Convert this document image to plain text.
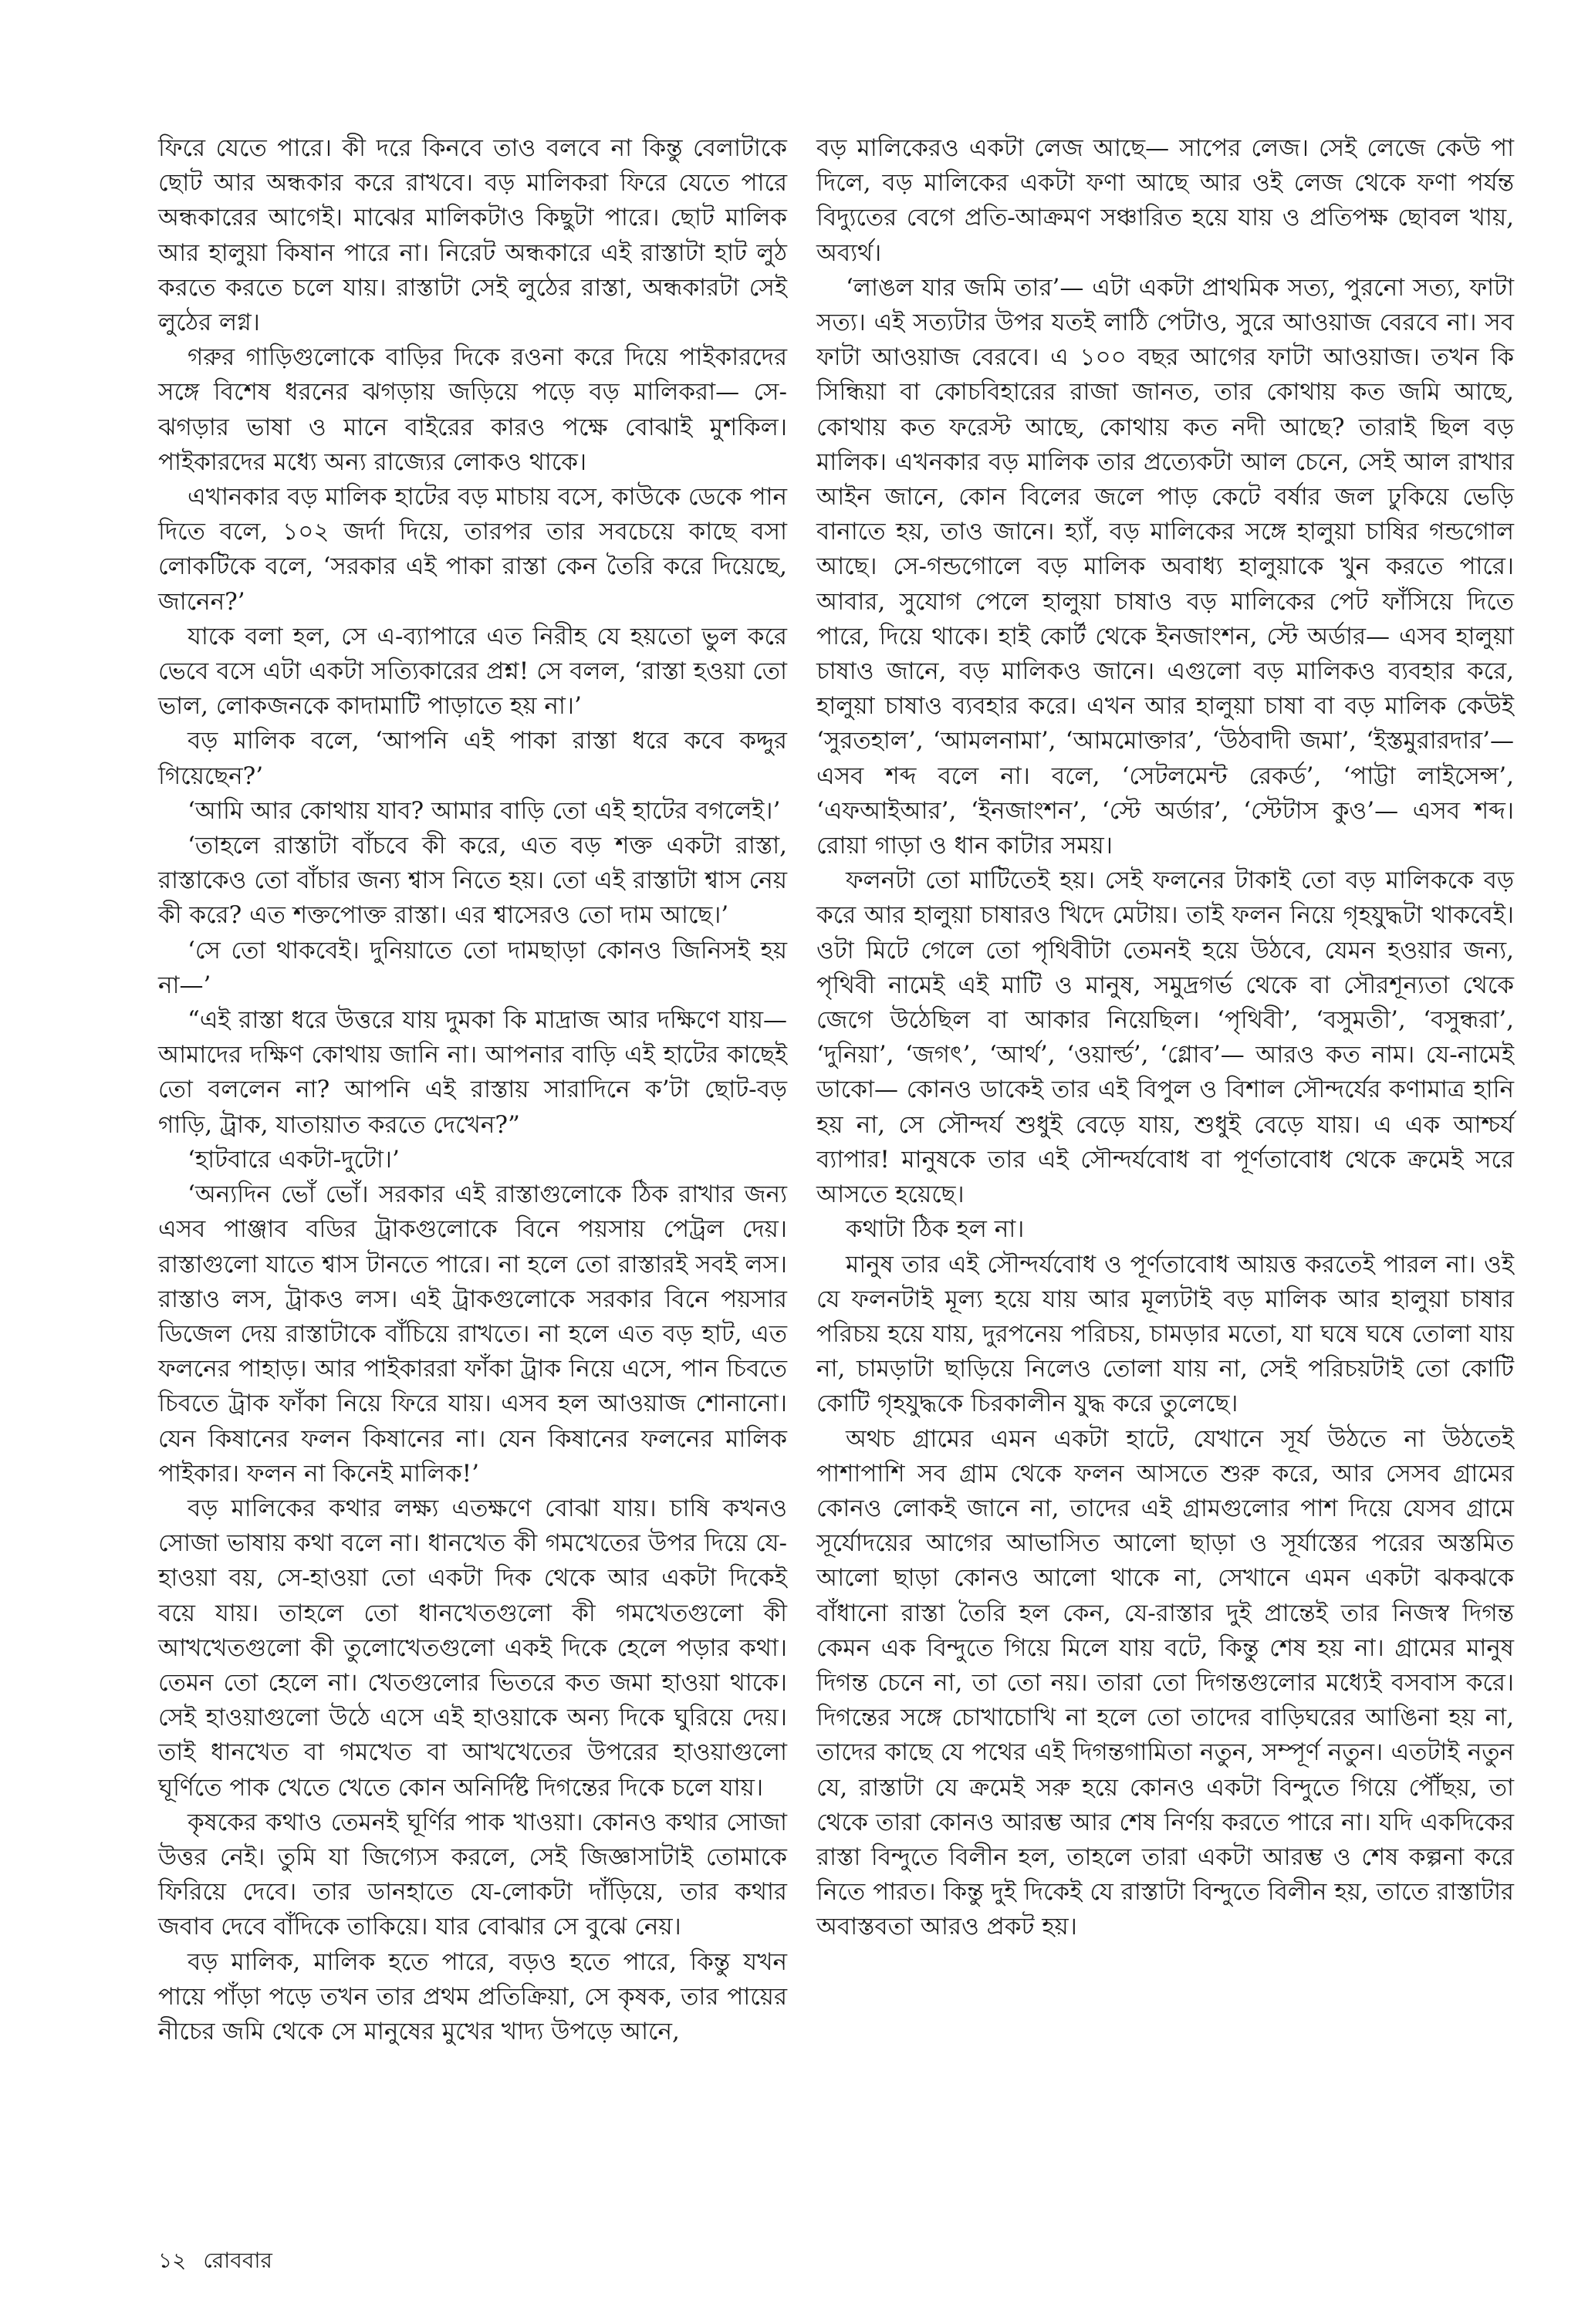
ফিরে যেতে পারে। কী দরে কিনবে তাও বলবে না কিন্তু বেলাটাকে ছোট আর অন্ধকার করে রাখবে। বড় মালিকরা ফিরে যেতে পারে অন্ধকারের আগেই। মাঝের মালিকটাও কিছুটা পারে। ছোট মালিক আর হালুয়া কিষান পারে না। নিরেট অন্ধকারে এই রাস্তাটা হাট লুঠ করতে করতে চলে যায়। রাস্তাটা সেই লুঠের রাস্তা, অন্ধকারটা সেই লুঠের লগ্ন।

গরুর গাড়িগুলোকে বাড়ির দিকে রওনা করে দিয়ে পাইকারদের সঙ্গে বিশেষ ধরনের ঝগড়ায় জড়িয়ে পড়ে বড় মালিকরা— সে-ঝগড়ার ভাষা ও মানে বাইরের কারও পক্ষে বোঝাই মুশকিল। পাইকারদের মধ্যে অন্য রাজ্যের লোকও থাকে।

এখানকার বড় মালিক হাটের বড় মাচায় বসে, কাউকে ডেকে পান দিতে বলে, ১০২ জর্দা দিয়ে, তারপর তার সবচেয়ে কাছে বসা লোকটিকে বলে, ‘সরকার এই পাকা রাস্তা কেন তৈরি করে দিয়েছে, জানেন?’

যাকে বলা হল, সে এ-ব্যাপারে এত নিরীহ যে হয়তো ভুল করে ভেবে বসে এটা একটা সত্যিকারের প্রশ্ন! সে বলল, ‘রাস্তা হওয়া তো ভাল, লোকজনকে কাদামাটি পাড়াতে হয় না।’

বড় মালিক বলে, ‘আপনি এই পাকা রাস্তা ধরে কবে কদ্দুর গিয়েছেন?’

‘আমি আর কোথায় যাব? আমার বাড়ি তো এই হাটের বগলেই।’

‘তাহলে রাস্তাটা বাঁচবে কী করে, এত বড় শক্ত একটা রাস্তা, রাস্তাকেও তো বাঁচার জন্য শ্বাস নিতে হয়। তো এই রাস্তাটা শ্বাস নেয় কী করে? এত শক্তপোক্ত রাস্তা। এর শ্বাসেরও তো দাম আছে।’

‘সে তো থাকবেই। দুনিয়াতে তো দামছাড়া কোনও জিনিসই হয় না—’

“এই রাস্তা ধরে উত্তরে যায় দুমকা কি মাদ্রাজ আর দক্ষিণে যায়— আমাদের দক্ষিণ কোথায় জানি না। আপনার বাড়ি এই হাটের কাছেই তো বললেন না? আপনি এই রাস্তায় সারাদিনে ক’টা ছোট-বড় গাড়ি, ট্রাক, যাতায়াত করতে দেখেন?”

‘হাটবারে একটা-দুটো।’

‘অন্যদিন ভোঁ ভোঁ। সরকার এই রাস্তাগুলোকে ঠিক রাখার জন্য এসব পাঞ্জাব বডির ট্রাকগুলোকে বিনে পয়সায় পেট্রল দেয়। রাস্তাগুলো যাতে শ্বাস টানতে পারে। না হলে তো রাস্তারই সবই লস। রাস্তাও লস, ট্রাকও লস। এই ট্রাকগুলোকে সরকার বিনে পয়সার ডিজেল দেয় রাস্তাটাকে বাঁচিয়ে রাখতে। না হলে এত বড় হাট, এত ফলনের পাহাড়। আর পাইকাররা ফাঁকা ট্রাক নিয়ে এসে, পান চিবতে চিবতে ট্রাক ফাঁকা নিয়ে ফিরে যায়। এসব হল আওয়াজ শোনানো। যেন কিষানের ফলন কিষানের না। যেন কিষানের ফলনের মালিক পাইকার। ফলন না কিনেই মালিক!’

বড় মালিকের কথার লক্ষ্য এতক্ষণে বোঝা যায়। চাষি কখনও সোজা ভাষায় কথা বলে না। ধানখেত কী গমখেতের উপর দিয়ে যে-হাওয়া বয়, সে-হাওয়া তো একটা দিক থেকে আর একটা দিকেই বয়ে যায়। তাহলে তো ধানখেতগুলো কী গমখেতগুলো কী আখখেতগুলো কী তুলোখেতগুলো একই দিকে হেলে পড়ার কথা। তেমন তো হেলে না। খেতগুলোর ভিতরে কত জমা হাওয়া থাকে। সেই হাওয়াগুলো উঠে এসে এই হাওয়াকে অন্য দিকে ঘুরিয়ে দেয়। তাই ধানখেত বা গমখেত বা আখখেতের উপরের হাওয়াগুলো ঘূর্ণিতে পাক খেতে খেতে কোন অনির্দিষ্ট দিগন্তের দিকে চলে যায়।

কৃষকের কথাও তেমনই ঘূর্ণির পাক খাওয়া। কোনও কথার সোজা উত্তর নেই। তুমি যা জিগ্যেস করলে, সেই জিজ্ঞাসাটাই তোমাকে ফিরিয়ে দেবে। তার ডানহাতে যে-লোকটা দাঁড়িয়ে, তার কথার জবাব দেবে বাঁদিকে তাকিয়ে। যার বোঝার সে বুঝে নেয়।

বড় মালিক, মালিক হতে পারে, বড়ও হতে পারে, কিন্তু যখন পায়ে পাঁড়া পড়ে তখন তার প্রথম প্রতিক্রিয়া, সে কৃষক, তার পায়ের নীচের জমি থেকে সে মানুষের মুখের খাদ্য উপড়ে আনে,

বড় মালিকেরও একটা লেজ আছে— সাপের লেজ। সেই লেজে কেউ পা দিলে, বড় মালিকের একটা ফণা আছে আর ওই লেজ থেকে ফণা পর্যন্ত বিদ্যুতের বেগে প্রতি-আক্রমণ সঞ্চারিত হয়ে যায় ও প্রতিপক্ষ ছোবল খায়, অব্যর্থ।

‘লাঙল যার জমি তার’— এটা একটা প্রাথমিক সত্য, পুরনো সত্য, ফাটা সত্য। এই সত্যটার উপর যতই লাঠি পেটাও, সুরে আওয়াজ বেরবে না। সব ফাটা আওয়াজ বেরবে। এ ১০০ বছর আগের ফাটা আওয়াজ। তখন কি সিন্ধিয়া বা কোচবিহারের রাজা জানত, তার কোথায় কত জমি আছে, কোথায় কত ফরেস্ট আছে, কোথায় কত নদী আছে? তারাই ছিল বড় মালিক। এখনকার বড় মালিক তার প্রত্যেকটা আল চেনে, সেই আল রাখার আইন জানে, কোন বিলের জলে পাড় কেটে বর্ষার জল ঢুকিয়ে ভেড়ি বানাতে হয়, তাও জানে। হ্যাঁ, বড় মালিকের সঙ্গে হালুয়া চাষির গন্ডগোল আছে। সে-গন্ডগোলে বড় মালিক অবাধ্য হালুয়াকে খুন করতে পারে। আবার, সুযোগ পেলে হালুয়া চাষাও বড় মালিকের পেট ফাঁসিয়ে দিতে পারে, দিয়ে থাকে। হাই কোর্ট থেকে ইনজাংশন, স্টে অর্ডার— এসব হালুয়া চাষাও জানে, বড় মালিকও জানে। এগুলো বড় মালিকও ব্যবহার করে, হালুয়া চাষাও ব্যবহার করে। এখন আর হালুয়া চাষা বা বড় মালিক কেউই ‘সুরতহাল’, ‘আমলনামা’, ‘আমমোক্তার’, ‘উঠবাদী জমা’, ‘ইস্তমুরারদার’— এসব শব্দ বলে না। বলে, ‘সেটলমেন্ট রেকর্ড’, ‘পাট্টা লাইসেন্স’, ‘এফআইআর’, ‘ইনজাংশন’, ‘স্টে অর্ডার’, ‘স্টেটাস কুও’— এসব শব্দ। রোয়া গাড়া ও ধান কাটার সময়।

ফলনটা তো মাটিতেই হয়। সেই ফলনের টাকাই তো বড় মালিককে বড় করে আর হালুয়া চাষারও খিদে মেটায়। তাই ফলন নিয়ে গৃহযুদ্ধটা থাকবেই। ওটা মিটে গেলে তো পৃথিবীটা তেমনই হয়ে উঠবে, যেমন হওয়ার জন্য, পৃথিবী নামেই এই মাটি ও মানুষ, সমুদ্রগর্ভ থেকে বা সৌরশূন্যতা থেকে জেগে উঠেছিল বা আকার নিয়েছিল। ‘পৃথিবী’, ‘বসুমতী’, ‘বসুন্ধরা’, ‘দুনিয়া’, ‘জগৎ’, ‘আর্থ’, ‘ওয়ার্ল্ড’, ‘গ্লোব’— আরও কত নাম। যে-নামেই ডাকো— কোনও ডাকেই তার এই বিপুল ও বিশাল সৌন্দর্যের কণামাত্র হানি হয় না, সে সৌন্দর্য শুধুই বেড়ে যায়, শুধুই বেড়ে যায়। এ এক আশ্চর্য ব্যাপার! মানুষকে তার এই সৌন্দর্যবোধ বা পূর্ণতাবোধ থেকে ক্রমেই সরে আসতে হয়েছে।

কথাটা ঠিক হল না।

মানুষ তার এই সৌন্দর্যবোধ ও পূর্ণতাবোধ আয়ত্ত করতেই পারল না। ওই যে ফলনটাই মূল্য হয়ে যায় আর মূল্যটাই বড় মালিক আর হালুয়া চাষার পরিচয় হয়ে যায়, দুরপনেয় পরিচয়, চামড়ার মতো, যা ঘষে ঘষে তোলা যায় না, চামড়াটা ছাড়িয়ে নিলেও তোলা যায় না, সেই পরিচয়টাই তো কোটি কোটি গৃহযুদ্ধকে চিরকালীন যুদ্ধ করে তুলেছে।

অথচ গ্রামের এমন একটা হাটে, যেখানে সূর্য উঠতে না উঠতেই পাশাপাশি সব গ্রাম থেকে ফলন আসতে শুরু করে, আর সেসব গ্রামের কোনও লোকই জানে না, তাদের এই গ্রামগুলোর পাশ দিয়ে যেসব গ্রামে সূর্যোদয়ের আগের আভাসিত আলো ছাড়া ও সূর্যাস্তের পরের অস্তমিত আলো ছাড়া কোনও আলো থাকে না, সেখানে এমন একটা ঝকঝকে বাঁধানো রাস্তা তৈরি হল কেন, যে-রাস্তার দুই প্রান্তেই তার নিজস্ব দিগন্ত কেমন এক বিন্দুতে গিয়ে মিলে যায় বটে, কিন্তু শেষ হয় না। গ্রামের মানুষ দিগন্ত চেনে না, তা তো নয়। তারা তো দিগন্তগুলোর মধ্যেই বসবাস করে। দিগন্তের সঙ্গে চোখাচোখি না হলে তো তাদের বাড়িঘরের আঙিনা হয় না, তাদের কাছে যে পথের এই দিগন্তগামিতা নতুন, সম্পূর্ণ নতুন। এতটাই নতুন যে, রাস্তাটা যে ক্রমেই সরু হয়ে কোনও একটা বিন্দুতে গিয়ে পৌঁছয়, তা থেকে তারা কোনও আরম্ভ আর শেষ নির্ণয় করতে পারে না। যদি একদিকের রাস্তা বিন্দুতে বিলীন হল, তাহলে তারা একটা আরম্ভ ও শেষ কল্পনা করে নিতে পারত। কিন্তু দুই দিকেই যে রাস্তাটা বিন্দুতে বিলীন হয়, তাতে রাস্তাটার অবাস্তবতা আরও প্রকট হয়।

১২ রোববার
